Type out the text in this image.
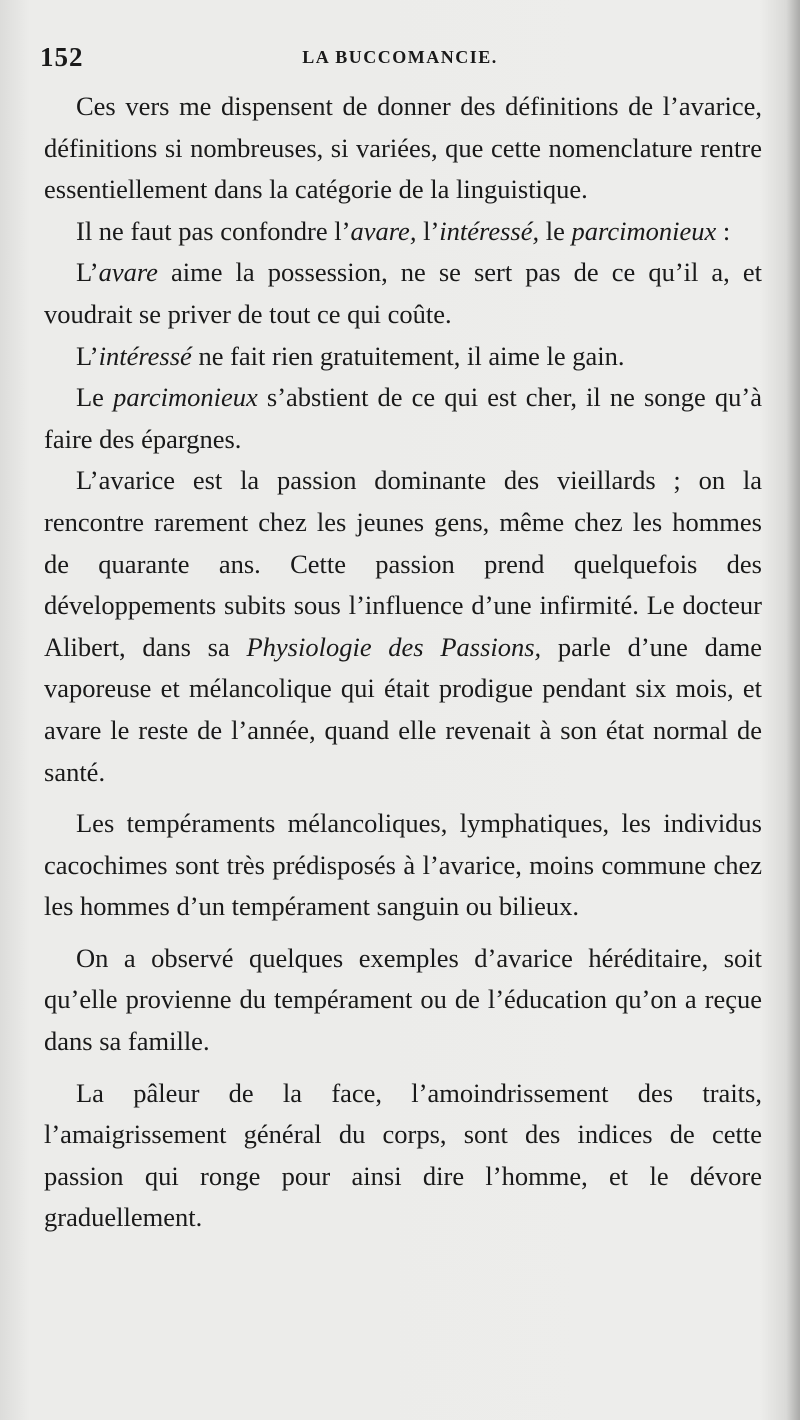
152	LA BUCCOMANCIE.

Ces vers me dispensent de donner des définitions de l’avarice, définitions si nombreuses, si variées, que cette nomenclature rentre essentiellement dans la catégorie de la linguistique.

Il ne faut pas confondre l’avare, l’intéressé, le parcimonieux :

L’avare aime la possession, ne se sert pas de ce qu’il a, et voudrait se priver de tout ce qui coûte.

L’intéressé ne fait rien gratuitement, il aime le gain.

Le parcimonieux s’abstient de ce qui est cher, il ne songe qu’à faire des épargnes.

L’avarice est la passion dominante des vieillards ; on la rencontre rarement chez les jeunes gens, même chez les hommes de quarante ans. Cette passion prend quelquefois des développements subits sous l’influence d’une infirmité. Le docteur Alibert, dans sa Physiologie des Passions, parle d’une dame vaporeuse et mélancolique qui était prodigue pendant six mois, et avare le reste de l’année, quand elle revenait à son état normal de santé.

Les tempéraments mélancoliques, lymphatiques, les individus cacochimes sont très prédisposés à l’avarice, moins commune chez les hommes d’un tempérament sanguin ou bilieux.

On a observé quelques exemples d’avarice héréditaire, soit qu’elle provienne du tempérament ou de l’éducation qu’on a reçue dans sa famille.

La pâleur de la face, l’amoindrissement des traits, l’amaigrissement général du corps, sont des indices de cette passion qui ronge pour ainsi dire l’homme, et le dévore graduellement.
